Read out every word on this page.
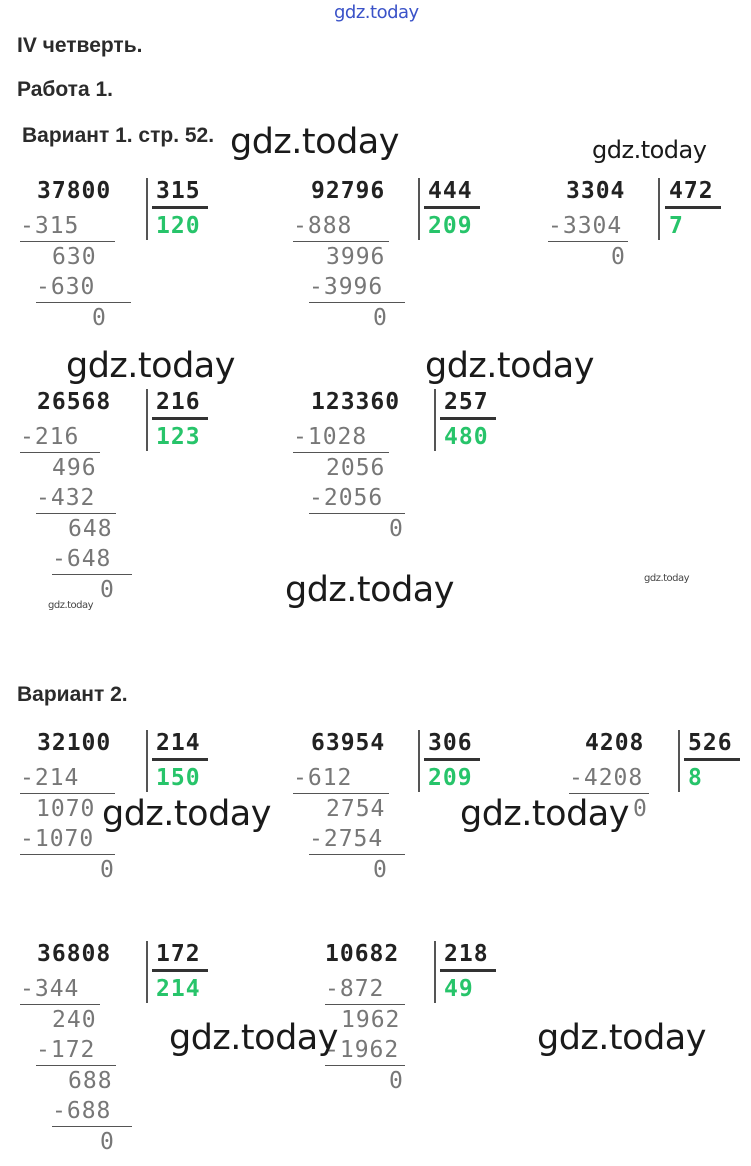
gdz.today
IV четверть.
Работа 1.
Вариант 1. стр. 52.
Вариант 2.
gdz.today	gdz.today
gdz.today	gdz.today
gdz.today	gdz.today
gdz.today
gdz.today	gdz.today
gdz.today	gdz.today
37800 315
120
-315
630
-630
0
92796 444
209
-888
3996
-3996
0
3304 472
7
-3304
0
26568 216
123
-216
496
-432
648
-648
0
123360 257
480
-1028
2056
-2056
0
32100 214
150
-214
1070
-1070
0
63954 306
209
-612
2754
-2754
0
4208 526
8
-4208
0
36808 172
214
-344
240
-172
688
-688
0
10682 218
49
-872
1962
-1962
0
